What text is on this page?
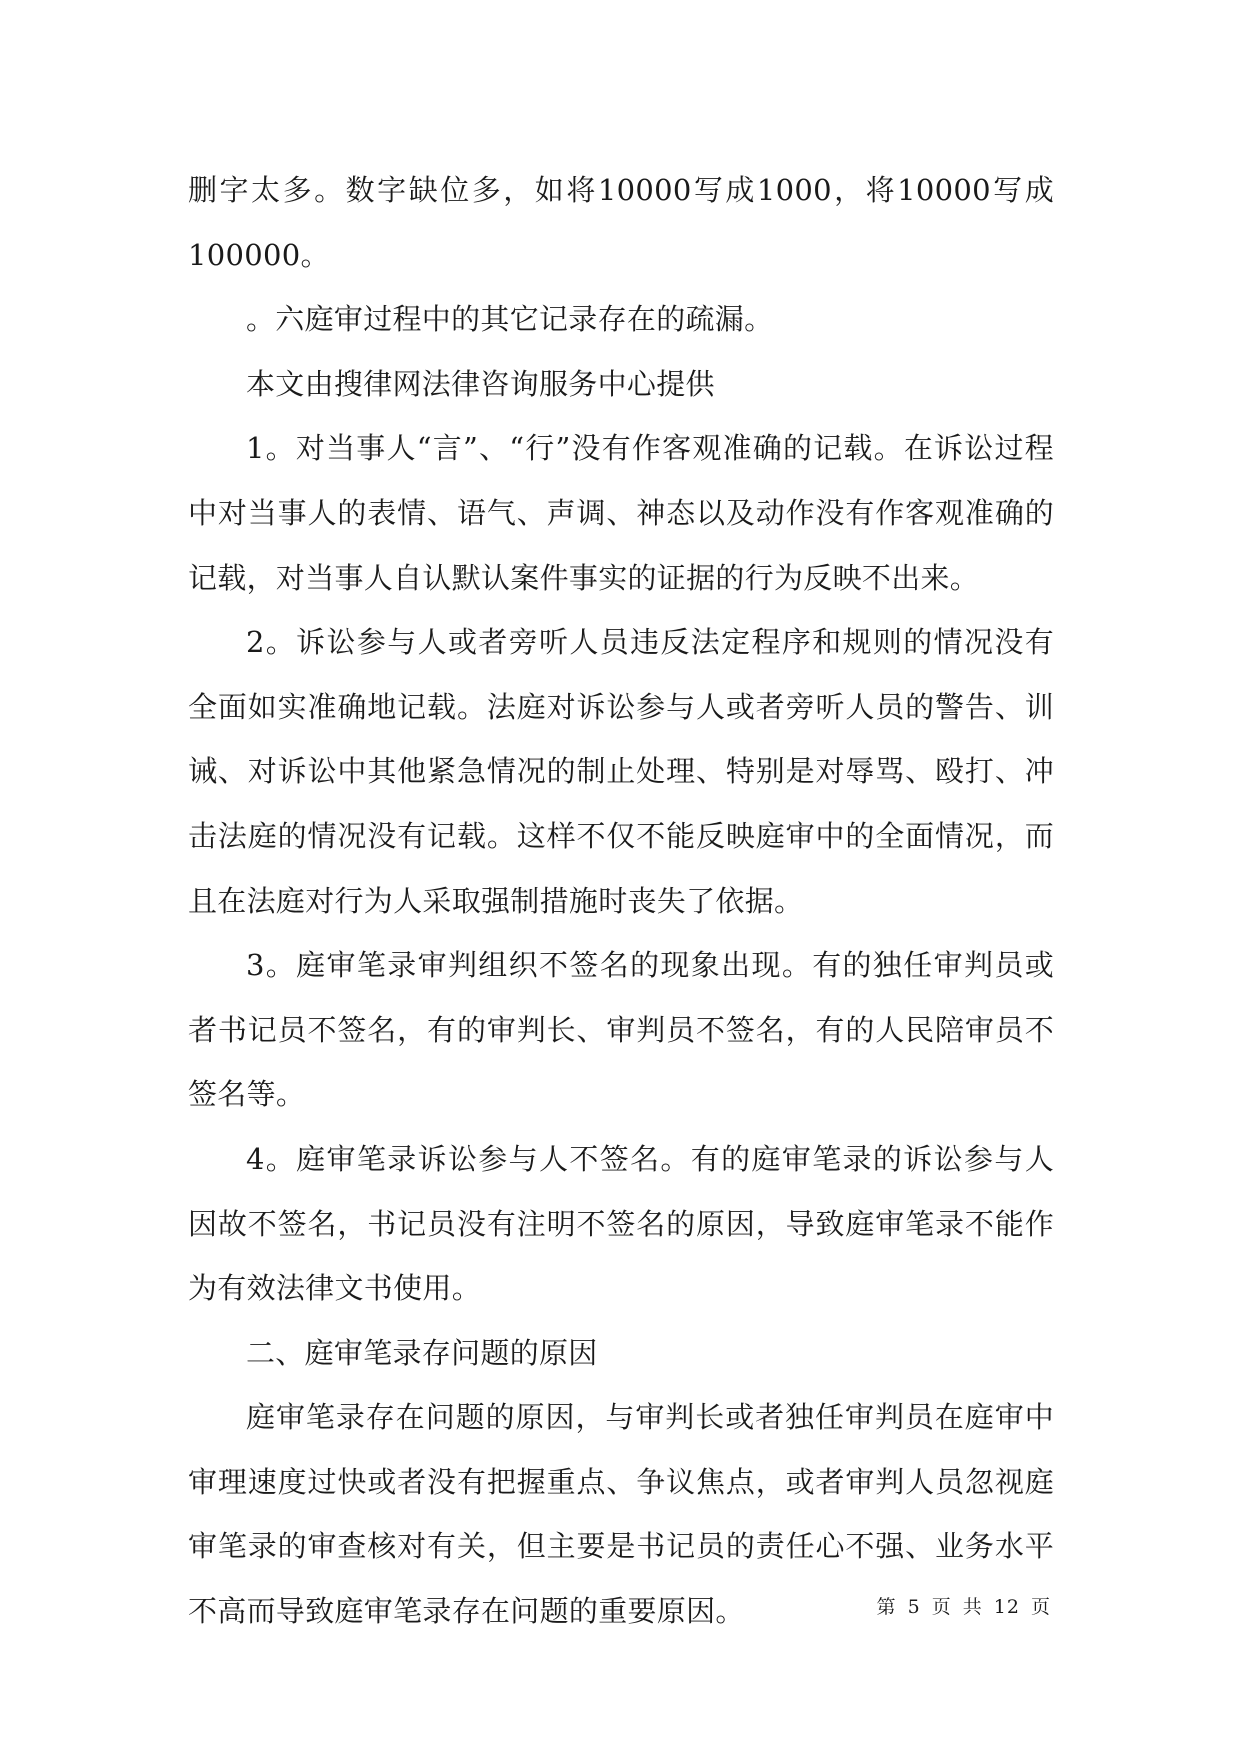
删字太多。数字缺位多，如将10000写成1000，将10000写成100000。

。六庭审过程中的其它记录存在的疏漏。

本文由搜律网法律咨询服务中心提供

1。对当事人“言”、“行”没有作客观准确的记载。在诉讼过程中对当事人的表情、语气、声调、神态以及动作没有作客观准确的记载，对当事人自认默认案件事实的证据的行为反映不出来。

2。诉讼参与人或者旁听人员违反法定程序和规则的情况没有全面如实准确地记载。法庭对诉讼参与人或者旁听人员的警告、训诫、对诉讼中其他紧急情况的制止处理、特别是对辱骂、殴打、冲击法庭的情况没有记载。这样不仅不能反映庭审中的全面情况，而且在法庭对行为人采取强制措施时丧失了依据。

3。庭审笔录审判组织不签名的现象出现。有的独任审判员或者书记员不签名，有的审判长、审判员不签名，有的人民陪审员不签名等。

4。庭审笔录诉讼参与人不签名。有的庭审笔录的诉讼参与人因故不签名，书记员没有注明不签名的原因，导致庭审笔录不能作为有效法律文书使用。

二、庭审笔录存问题的原因

庭审笔录存在问题的原因，与审判长或者独任审判员在庭审中审理速度过快或者没有把握重点、争议焦点，或者审判人员忽视庭审笔录的审查核对有关，但主要是书记员的责任心不强、业务水平不高而导致庭审笔录存在问题的重要原因。	第 5 页 共 12 页
